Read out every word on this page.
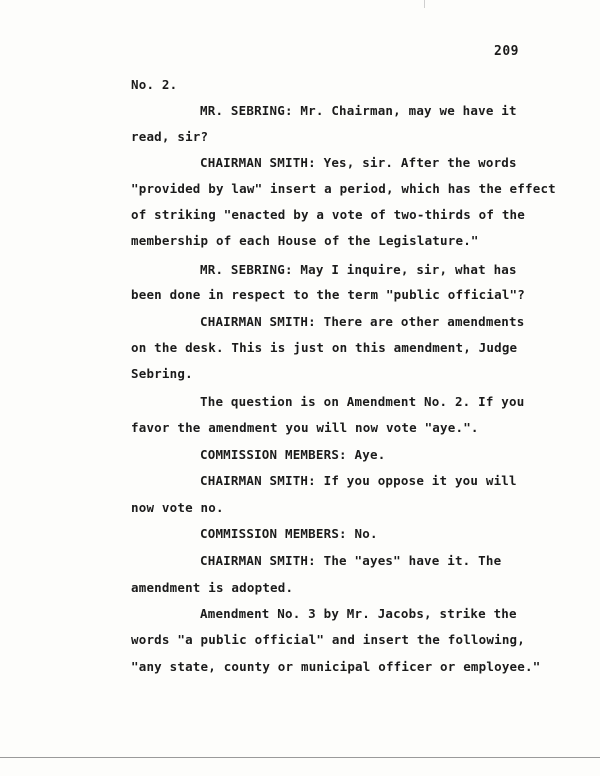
209
No. 2.
MR. SEBRING: Mr. Chairman, may we have it
read, sir?
CHAIRMAN SMITH: Yes, sir. After the words
"provided by law" insert a period, which has the effect
of striking "enacted by a vote of two-thirds of the
membership of each House of the Legislature."
MR. SEBRING: May I inquire, sir, what has
been done in respect to the term "public official"?
CHAIRMAN SMITH: There are other amendments
on the desk. This is just on this amendment, Judge
Sebring.
The question is on Amendment No. 2. If you
favor the amendment you will now vote "aye.".
COMMISSION MEMBERS: Aye.
CHAIRMAN SMITH: If you oppose it you will
now vote no.
COMMISSION MEMBERS: No.
CHAIRMAN SMITH: The "ayes" have it. The
amendment is adopted.
Amendment No. 3 by Mr. Jacobs, strike the
words "a public official" and insert the following,
"any state, county or municipal officer or employee."
